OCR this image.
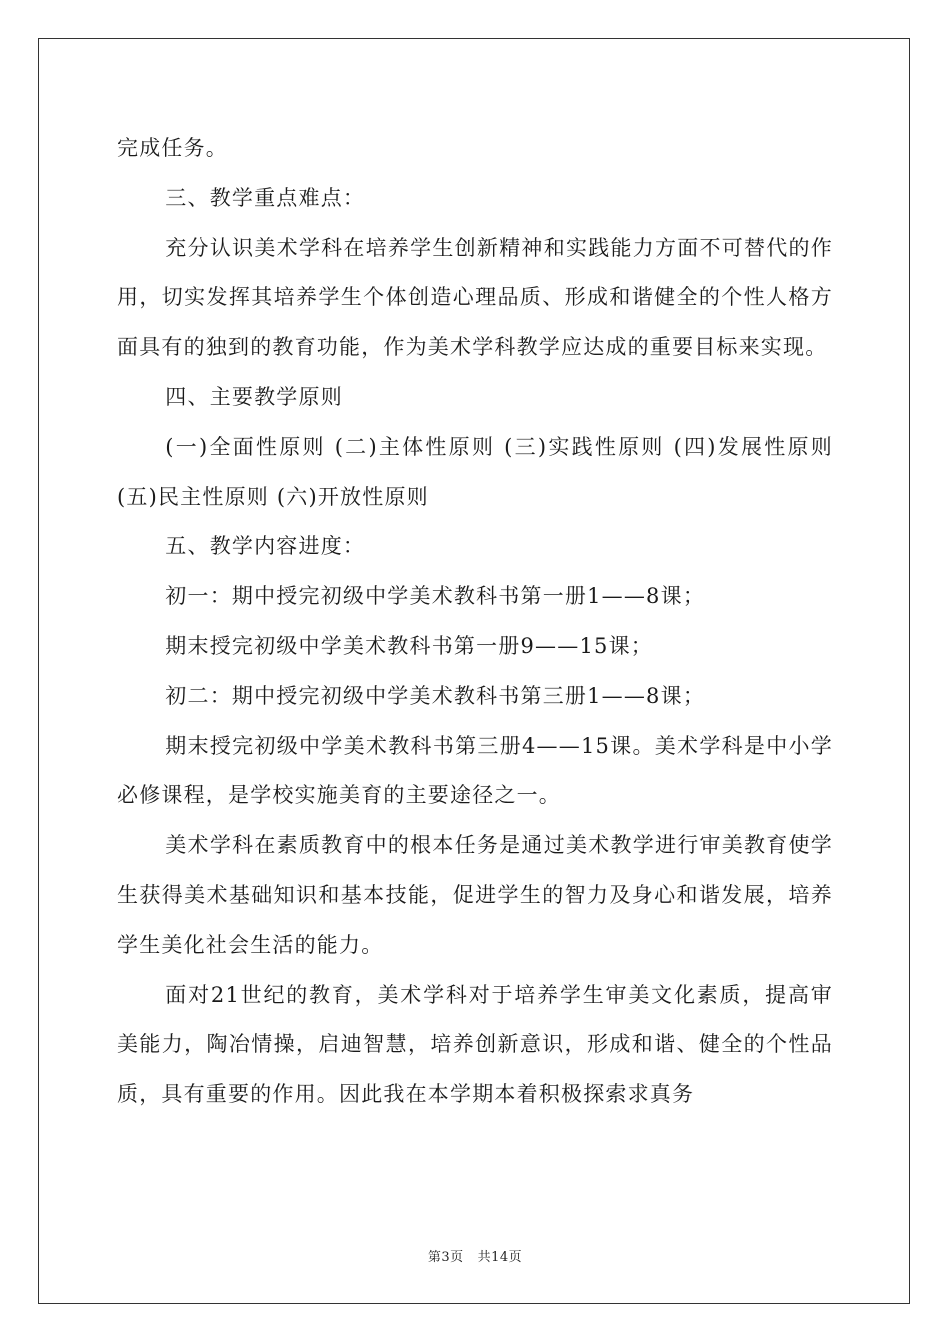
完成任务。

三、教学重点难点：

充分认识美术学科在培养学生创新精神和实践能力方面不可替代的作用，切实发挥其培养学生个体创造心理品质、形成和谐健全的个性人格方面具有的独到的教育功能，作为美术学科教学应达成的重要目标来实现。

四、主要教学原则

(一)全面性原则 (二)主体性原则 (三)实践性原则 (四)发展性原则 (五)民主性原则 (六)开放性原则

五、教学内容进度：

初一：期中授完初级中学美术教科书第一册1——8课；

期末授完初级中学美术教科书第一册9——15课；

初二：期中授完初级中学美术教科书第三册1——8课；

期末授完初级中学美术教科书第三册4——15课。美术学科是中小学必修课程，是学校实施美育的主要途径之一。

美术学科在素质教育中的根本任务是通过美术教学进行审美教育使学生获得美术基础知识和基本技能，促进学生的智力及身心和谐发展，培养学生美化社会生活的能力。

面对21世纪的教育，美术学科对于培养学生审美文化素质，提高审美能力，陶冶情操，启迪智慧，培养创新意识，形成和谐、健全的个性品质，具有重要的作用。因此我在本学期本着积极探索求真务

第3页 共14页
